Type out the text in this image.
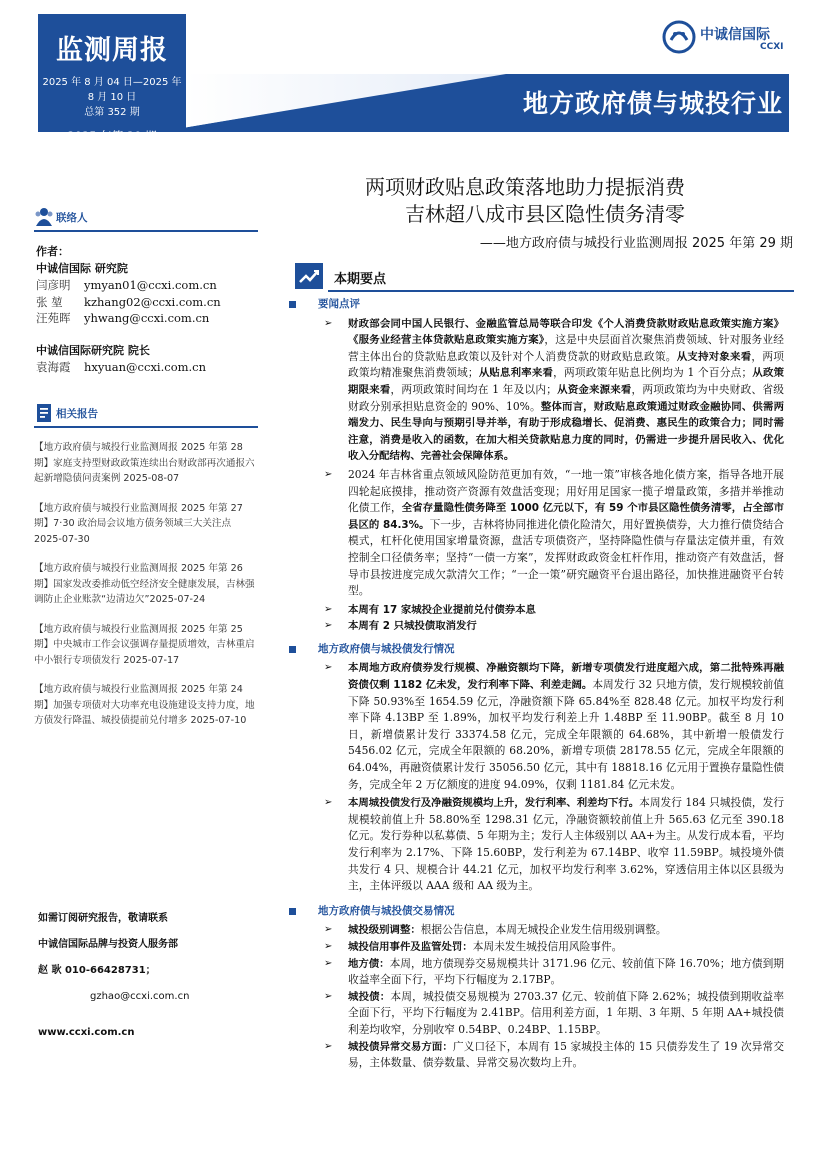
监测周报
2025 年 8 月 04 日—2025 年 8 月 10 日
总第 352 期
2025 年第 29 期
地方政府债与城投行业
中诚信国际
CCXI
两项财政贴息政策落地助力提振消费
吉林超八成市县区隐性债务清零
——地方政府债与城投行业监测周报 2025 年第 29 期
联络人
作者：
中诚信国际 研究院
闫彦明	ymyan01@ccxi.com.cn
张 堃	kzhang02@ccxi.com.cn
汪苑晖	yhwang@ccxi.com.cn
中诚信国际研究院 院长
袁海霞	hxyuan@ccxi.com.cn
相关报告
【地方政府债与城投行业监测周报 2025 年第 28 期】家庭支持型财政政策连续出台财政部再次通报六起新增隐债问责案例 2025-08-07
【地方政府债与城投行业监测周报 2025 年第 27 期】7·30 政治局会议地方债务领域三大关注点 2025-07-30
【地方政府债与城投行业监测周报 2025 年第 26 期】国家发改委推动低空经济安全健康发展，吉林强调防止企业账款“边清边欠”2025-07-24
【地方政府债与城投行业监测周报 2025 年第 25 期】中央城市工作会议强调存量提质增效，吉林重启中小银行专项债发行 2025-07-17
【地方政府债与城投行业监测周报 2025 年第 24 期】加强专项债对大功率充电设施建设支持力度，地方债发行降温、城投债提前兑付增多 2025-07-10
如需订阅研究报告，敬请联系
中诚信国际品牌与投资人服务部
赵 耿 010-66428731；
gzhao@ccxi.com.cn
www.ccxi.com.cn
本期要点
要闻点评
➢ 财政部会同中国人民银行、金融监管总局等联合印发《个人消费贷款财政贴息政策实施方案》《服务业经营主体贷款贴息政策实施方案》，这是中央层面首次聚焦消费领域、针对服务业经营主体出台的贷款贴息政策以及针对个人消费贷款的财政贴息政策。从支持对象来看，两项政策均精准聚焦消费领域；从贴息利率来看，两项政策年贴息比例均为 1 个百分点；从政策期限来看，两项政策时间均在 1 年及以内；从资金来源来看，两项政策均为中央财政、省级财政分别承担贴息资金的 90%、10%。整体而言，财政贴息政策通过财政金融协同、供需两端发力、民生导向与预期引导并举，有助于形成稳增长、促消费、惠民生的政策合力；同时需注意，消费是收入的函数，在加大相关贷款贴息力度的同时，仍需进一步提升居民收入、优化收入分配结构、完善社会保障体系。
➢ 2024 年吉林省重点领域风险防范更加有效，“一地一策”审核各地化债方案，指导各地开展四轮起底摸排，推动资产资源有效盘活变现；用好用足国家一揽子增量政策，多措并举推动化债工作，全省存量隐性债务降至 1000 亿元以下，有 59 个市县区隐性债务清零，占全部市县区的 84.3%。下一步，吉林将协同推进化债化险清欠，用好置换债券，大力推行债贷结合模式，杠杆化使用国家增量资源，盘活专项债资产，坚持降隐性债与存量法定债并重，有效控制全口径债务率；坚持“一债一方案”，发挥财政政资金杠杆作用，推动资产有效盘活，督导市县按进度完成欠款清欠工作；“一企一策”研究融资平台退出路径，加快推进融资平台转型。
➢ 本周有 17 家城投企业提前兑付债券本息
➢ 本周有 2 只城投债取消发行
地方政府债与城投债发行情况
➢ 本周地方政府债券发行规模、净融资额均下降，新增专项债发行进度超六成，第二批特殊再融资债仅剩 1182 亿未发，发行利率下降、利差走阔。本周发行 32 只地方债，发行规模较前值下降 50.93%至 1654.59 亿元，净融资额下降 65.84%至 828.48 亿元。加权平均发行利率下降 4.13BP 至 1.89%，加权平均发行利差上升 1.48BP 至 11.90BP。截至 8 月 10 日，新增债累计发行 33374.58 亿元，完成全年限额的 64.68%，其中新增一般债发行 5456.02 亿元，完成全年限额的 68.20%，新增专项债 28178.55 亿元，完成全年限额的 64.04%，再融资债累计发行 35056.50 亿元，其中有 18818.16 亿元用于置换存量隐性债务，完成全年 2 万亿额度的进度 94.09%，仅剩 1181.84 亿元未发。
➢ 本周城投债发行及净融资规模均上升，发行利率、利差均下行。本周发行 184 只城投债，发行规模较前值上升 58.80%至 1298.31 亿元，净融资额较前值上升 565.63 亿元至 390.18 亿元。发行券种以私募债、5 年期为主；发行人主体级别以 AA+为主。从发行成本看，平均发行利率为 2.17%、下降 15.60BP，发行利差为 67.14BP、收窄 11.59BP。城投境外债共发行 4 只、规模合计 44.21 亿元，加权平均发行利率 3.62%，穿透信用主体以区县级为主，主体评级以 AAA 级和 AA 级为主。
地方政府债与城投债交易情况
➢ 城投级别调整：根据公告信息，本周无城投企业发生信用级别调整。
➢ 城投信用事件及监管处罚：本周未发生城投信用风险事件。
➢ 地方债：本周，地方债现券交易规模共计 3171.96 亿元、较前值下降 16.70%；地方债到期收益率全面下行，平均下行幅度为 2.17BP。
➢ 城投债：本周，城投债交易规模为 2703.37 亿元、较前值下降 2.62%；城投债到期收益率全面下行，平均下行幅度为 2.41BP。信用利差方面，1 年期、3 年期、5 年期 AA+城投债利差均收窄，分别收窄 0.54BP、0.24BP、1.15BP。
➢ 城投债异常交易方面：广义口径下，本周有 15 家城投主体的 15 只债券发生了 19 次异常交易，主体数量、债券数量、异常交易次数均上升。
